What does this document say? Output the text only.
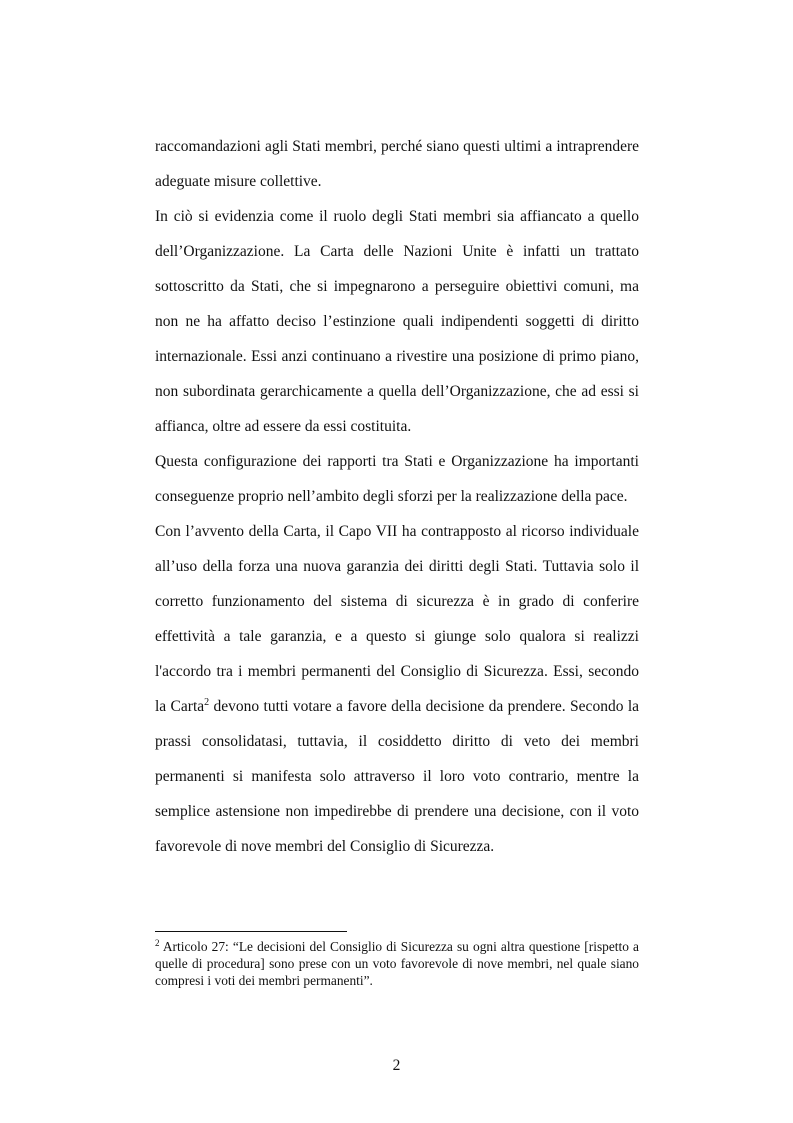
raccomandazioni agli Stati membri, perché siano questi ultimi a intraprendere adeguate misure collettive.

In ciò si evidenzia come il ruolo degli Stati membri sia affiancato a quello dell’Organizzazione. La Carta delle Nazioni Unite è infatti un trattato sottoscritto da Stati, che si impegnarono a perseguire obiettivi comuni, ma non ne ha affatto deciso l’estinzione quali indipendenti soggetti di diritto internazionale. Essi anzi continuano a rivestire una posizione di primo piano, non subordinata gerarchicamente a quella dell’Organizzazione, che ad essi si affianca, oltre ad essere da essi costituita.

Questa configurazione dei rapporti tra Stati e Organizzazione ha importanti conseguenze proprio nell’ambito degli sforzi per la realizzazione della pace.

Con l’avvento della Carta, il Capo VII ha contrapposto al ricorso individuale all’uso della forza una nuova garanzia dei diritti degli Stati. Tuttavia solo il corretto funzionamento del sistema di sicurezza è in grado di conferire effettività a tale garanzia, e a questo si giunge solo qualora si realizzi l'accordo tra i membri permanenti del Consiglio di Sicurezza. Essi, secondo la Carta$^2$ devono tutti votare a favore della decisione da prendere. Secondo la prassi consolidatasi, tuttavia, il cosiddetto diritto di veto dei membri permanenti si manifesta solo attraverso il loro voto contrario, mentre la semplice astensione non impedirebbe di prendere una decisione, con il voto favorevole di nove membri del Consiglio di Sicurezza.

$^2$ Articolo 27: “Le decisioni del Consiglio di Sicurezza su ogni altra questione [rispetto a quelle di procedura] sono prese con un voto favorevole di nove membri, nel quale siano compresi i voti dei membri permanenti”.

2
